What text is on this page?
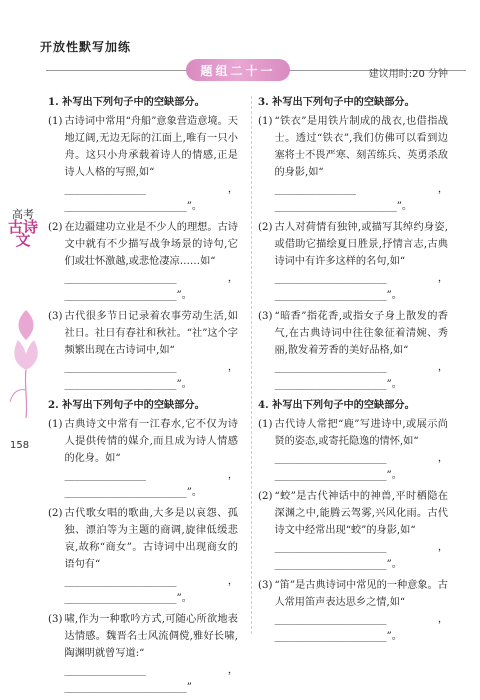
开放性默写加练
题组二十一	建议用时:20 分钟
高考
古诗文
158
1. 补写出下列句子中的空缺部分。
(1) 古诗词中常用“舟船”意象营造意境。天地辽阔,无边无际的江面上,唯有一只小舟。这只小舟承载着诗人的情感,正是诗人人格的写照,如“
________________，________________________”。
(2) 在边疆建功立业是不少人的理想。古诗文中就有不少描写战争场景的诗句,它们或壮怀激越,或悲怆凄凉……如“
______________________，______________________”。
(3) 古代很多节日记录着农事劳动生活,如社日。社日有春社和秋社。“社”这个字频繁出现在古诗词中,如“
______________________，______________________”。
2. 补写出下列句子中的空缺部分。
(1) 古典诗文中常有一江春水,它不仅为诗人提供传情的媒介,而且成为诗人情感的化身。如“
________________，________________________”。
(2) 古代歌女唱的歌曲,大多是以哀怨、孤独、漂泊等为主题的商调,旋律低缓悲哀,故称“商女”。古诗词中出现商女的语句有“
______________________，______________________”。
(3) 啸,作为一种歌吟方式,可随心所欲地表达情感。魏晋名士风流倜傥,雅好长啸,陶渊明就曾写道:“
________________，________________________”
3. 补写出下列句子中的空缺部分。
(1) “铁衣”是用铁片制成的战衣,也借指战士。透过“铁衣”,我们仿佛可以看到边塞将士不畏严寒、刻苦练兵、英勇杀敌的身影,如“
________________，________________________”。
(2) 古人对荷情有独钟,或描写其绰约身姿,或借助它描绘夏日胜景,抒情言志,古典诗词中有许多这样的名句,如“
______________________，______________________”。
(3) “暗香”指花香,或指女子身上散发的香气,在古典诗词中往往象征着清婉、秀丽,散发着芳香的美好品格,如“
______________________，______________________”。
4. 补写出下列句子中的空缺部分。
(1) 古代诗人常把“鹿”写进诗中,或展示尚贤的姿态,或寄托隐逸的情怀,如“
______________________，______________________”。
(2) “蛟”是古代神话中的神兽,平时栖隐在深渊之中,能腾云驾雾,兴风化雨。古代诗文中经常出现“蛟”的身影,如“
______________________，______________________”。
(3) “笛”是古典诗词中常见的一种意象。古人常用笛声表达思乡之情,如“
______________________，______________________”。
